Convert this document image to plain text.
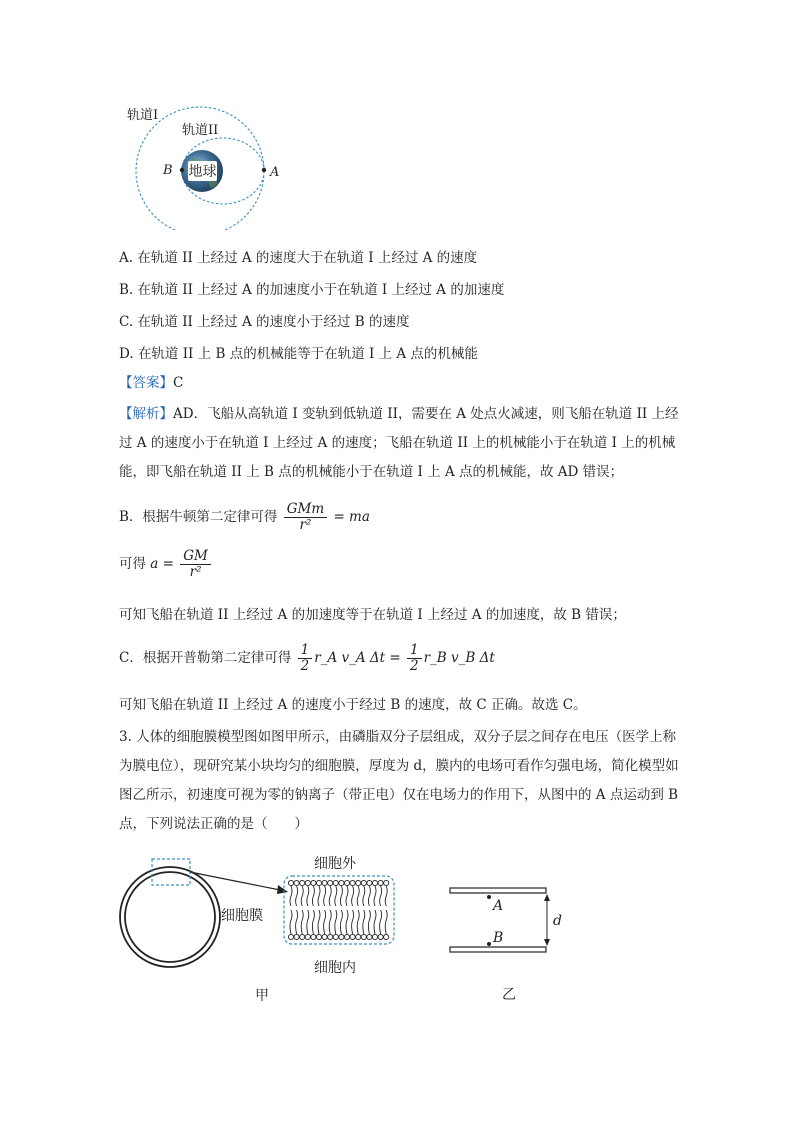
地球
轨道I
轨道II
B	A
A. 在轨道 II 上经过 A 的速度大于在轨道 I 上经过 A 的速度
B. 在轨道 II 上经过 A 的加速度小于在轨道 I 上经过 A 的加速度
C. 在轨道 II 上经过 A 的速度小于经过 B 的速度
D. 在轨道 II 上 B 点的机械能等于在轨道 I 上 A 点的机械能
【答案】C
【解析】AD．飞船从高轨道 I 变轨到低轨道 II，需要在 A 处点火减速，则飞船在轨道 II 上经过 A 的速度小于在轨道 I 上经过 A 的速度；飞船在轨道 II 上的机械能小于在轨道 I 上的机械能，即飞船在轨道 II 上 B 点的机械能小于在轨道 I 上 A 点的机械能，故 AD 错误；
B．根据牛顿第二定律可得 $\frac{\text{GMm}}{\text{r²}}$ = ma
可得 $a = \frac{GM}{\text{r²}}$
可知飞船在轨道 II 上经过 A 的加速度等于在轨道 I 上经过 A 的加速度，故 B 错误；
C．根据开普勒第二定律可得 $\frac{1}{2}$ r_A v_A $\Delta t = \frac{1}{2}$ r_B v_B Δt
可知飞船在轨道 II 上经过 A 的速度小于经过 B 的速度，故 C 正确。故选 C。
3. 人体的细胞膜模型图如图甲所示，由磷脂双分子层组成，双分子层之间存在电压（医学上称为膜电位），现研究某小块均匀的细胞膜，厚度为 d，膜内的电场可看作匀强电场，简化模型如图乙所示，初速度可视为零的钠离子（带正电）仅在电场力的作用下，从图中的 A 点运动到 B 点，下列说法正确的是（　　）
细胞外
细胞膜
细胞内
甲
A
B
d
乙
